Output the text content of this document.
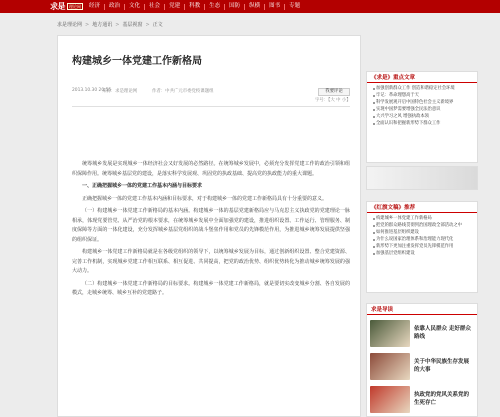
求是	理论网	经济	政治	文化	社会	党建	科教	生态	国防	纵横	图书	专题
求是理论网 > 地方通讯 > 基层视窗 > 正文
构建城乡一体党建工作新格局
2013.10.30 20:55
来源：求是理论网	作者：中共广元市委党校课题组	我要评论
字号：【大 中 小】

统筹城乡发展是实现城乡一体经济社会又好发展的必然路径。在统筹城乡发展中，必须充分发挥党建工作的政治引领和组织保障作用。统筹城乡基层党的建设，是落实科学发展观、巩固党的执政基础、提高党的执政能力的重大课题。

一、正确把握城乡一体的党建工作基本内涵与目标要求

正确把握城乡一体的党建工作基本内涵和目标要求，对于构建城乡一体的党建工作新格局具有十分重要的意义。

（一）构建城乡一体党建工作新格局的基本内涵。构建城乡一体的基层党建新格局应与马克思主义执政党的党建理论一脉相承，体现党要管党、从严治党的根本要求，在统筹城乡发展中全面加强党的建设，推进组织设置、工作运行、管理服务、制度保障等方面的一体化建设，充分发挥城乡基层党组织的战斗堡垒作用和党员的先锋模范作用，为推进城乡统筹发展提供坚强的组织保证。

构建城乡一体党建工作新格局就是在各级党组织的领导下，以统筹城乡发展为目标，通过创新组织设置、整合党建资源、完善工作机制，实现城乡党建工作相互联系、相互促进、共同提高，把党的政治优势、组织优势转化为推动城乡统筹发展的强大动力。

（二）构建城乡一体党建工作新格局的目标要求。构建城乡一体党建工作新格局，就是要切实改变城乡分割、各自发展的模式，走城乡统筹、城乡互补的党建路子。

《求是》重点文章
加强创新群众工作 创造和谐稳定社会环境
牢记：革命理想高于天
科学发展观开启中国特色社会主义新境界
实现中国梦需要增强全民法治意识
大兴学习之风 增强执政本领
全面认识和把握新形势下群众工作
《红旗文稿》推荐
构建城乡一体党建工作新格局
把党的群众路线贯彻到治国理政全部活动之中
如何推进基层组织建设
为什么说国家治理体系和治理能力现代化
新形势下更加注重发挥党员先锋模范作用
加强基层党组织建设
求是导读
依靠人民群众 走好群众路线
关于中华民族生存发展的大事
执政党的党风关系党的生死存亡
